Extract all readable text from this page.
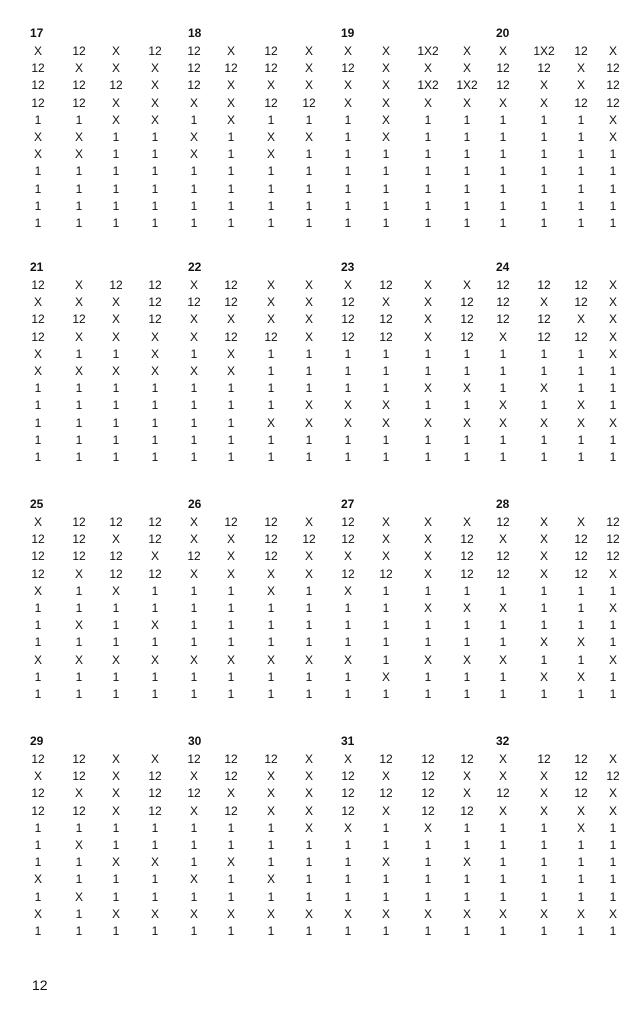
17	18	19	20
X	12	X	12	12	X	12	X	X	X	1X2	X	X	1X2	12	X
12	X	X	X	12	12	12	X	12	X	X	X	12	12	X	12
12	12	12	X	12	X	X	X	X	X	1X2	1X2	12	X	X	12
12	12	X	X	X	X	12	12	X	X	X	X	X	X	12	12
1	1	X	X	1	X	1	1	1	X	1	1	1	1	1	X
X	X	1	1	X	1	X	X	1	X	1	1	1	1	1	X
X	X	1	1	X	1	X	1	1	1	1	1	1	1	1	1
1	1	1	1	1	1	1	1	1	1	1	1	1	1	1	1
1	1	1	1	1	1	1	1	1	1	1	1	1	1	1	1
1	1	1	1	1	1	1	1	1	1	1	1	1	1	1	1
1	1	1	1	1	1	1	1	1	1	1	1	1	1	1	1
21	22	23	24
12	X	12	12	X	12	X	X	X	12	X	X	12	12	12	X
X	X	X	12	12	12	X	X	12	X	X	12	12	X	12	X
12	12	X	12	X	X	X	X	12	12	X	12	12	12	X	X
12	X	X	X	X	12	12	X	12	12	X	12	X	12	12	X
X	1	1	X	1	X	1	1	1	1	1	1	1	1	1	X
X	X	X	X	X	X	1	1	1	1	1	1	1	1	1	1
1	1	1	1	1	1	1	1	1	1	X	X	1	X	1	1
1	1	1	1	1	1	1	X	X	X	1	1	X	1	X	1
1	1	1	1	1	1	X	X	X	X	X	X	X	X	X	X
1	1	1	1	1	1	1	1	1	1	1	1	1	1	1	1
1	1	1	1	1	1	1	1	1	1	1	1	1	1	1	1
25	26	27	28
X	12	12	12	X	12	12	X	12	X	X	X	12	X	X	12
12	12	X	12	X	X	12	12	12	X	X	12	X	X	12	12
12	12	12	X	12	X	12	X	X	X	X	12	12	X	12	12
12	X	12	12	X	X	X	X	12	12	X	12	12	X	12	X
X	1	X	1	1	1	X	1	X	1	1	1	1	1	1	1
1	1	1	1	1	1	1	1	1	1	X	X	X	1	1	X
1	X	1	X	1	1	1	1	1	1	1	1	1	1	1	1
1	1	1	1	1	1	1	1	1	1	1	1	1	X	X	1
X	X	X	X	X	X	X	X	X	1	X	X	X	1	1	X
1	1	1	1	1	1	1	1	1	X	1	1	1	X	X	1
1	1	1	1	1	1	1	1	1	1	1	1	1	1	1	1
29	30	31	32
12	12	X	X	12	12	12	X	X	12	12	12	X	12	12	X
X	12	X	12	X	12	X	X	12	X	12	X	X	X	12	12
12	X	X	12	12	X	X	X	12	12	12	X	12	X	12	X
12	12	X	12	X	12	X	X	12	X	12	12	X	X	X	X
1	1	1	1	1	1	1	X	X	1	X	1	1	1	X	1
1	X	1	1	1	1	1	1	1	1	1	1	1	1	1	1
1	1	X	X	1	X	1	1	1	X	1	X	1	1	1	1
X	1	1	1	X	1	X	1	1	1	1	1	1	1	1	1
1	X	1	1	1	1	1	1	1	1	1	1	1	1	1	1
X	1	X	X	X	X	X	X	X	X	X	X	X	X	X	X
1	1	1	1	1	1	1	1	1	1	1	1	1	1	1	1
12
